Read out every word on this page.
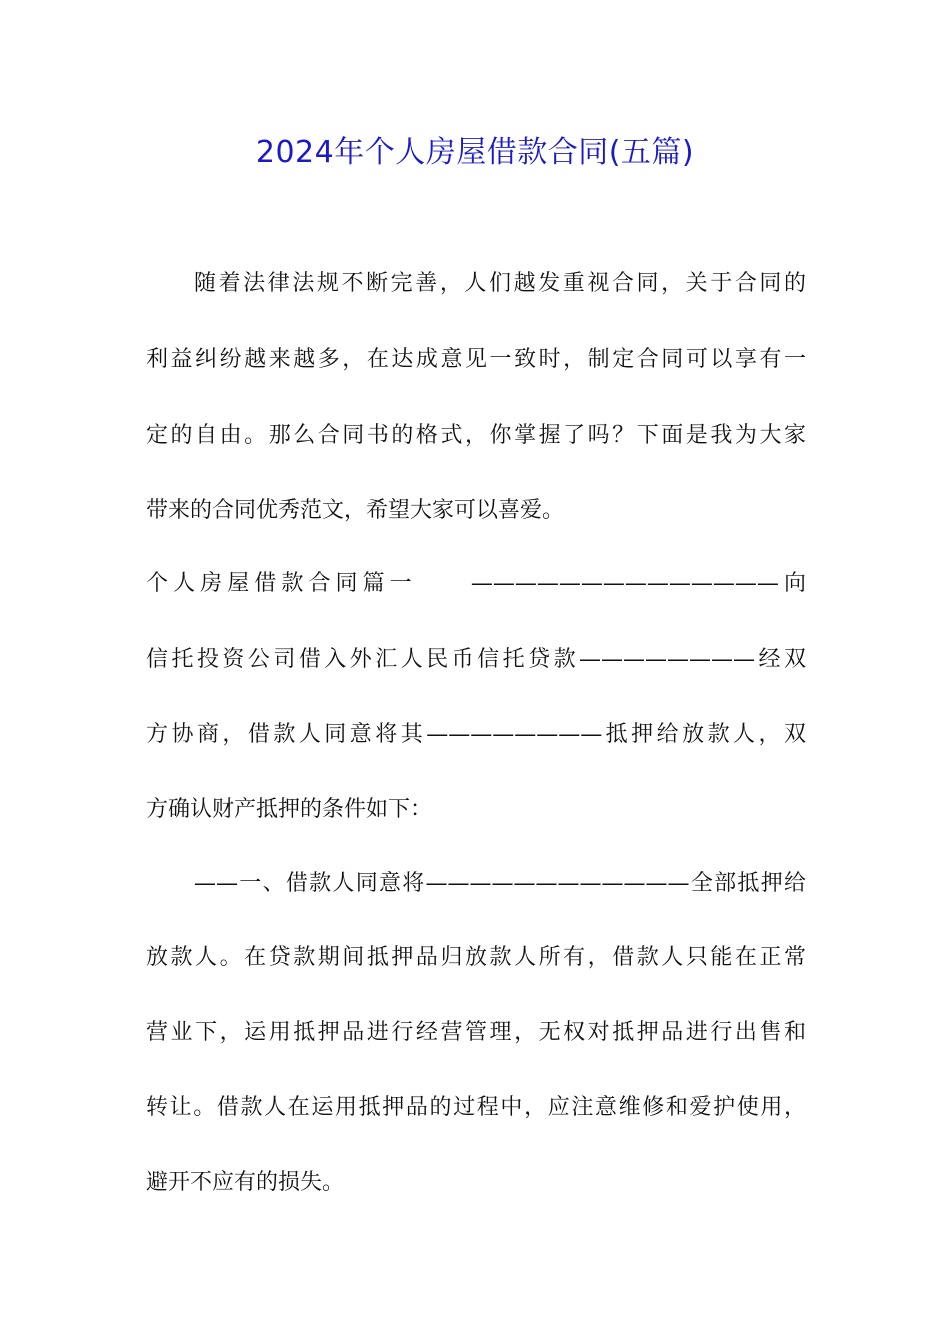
2024年个人房屋借款合同(五篇)
随着法律法规不断完善，人们越发重视合同，关于合同的
利益纠纷越来越多，在达成意见一致时，制定合同可以享有一
定的自由。那么合同书的格式，你掌握了吗？下面是我为大家
带来的合同优秀范文，希望大家可以喜爱。
个人房屋借款合同篇一　　——————————————向
信托投资公司借入外汇人民币信托贷款————————经双
方协商，借款人同意将其————————抵押给放款人，双
方确认财产抵押的条件如下：
——一、借款人同意将————————————全部抵押给
放款人。在贷款期间抵押品归放款人所有，借款人只能在正常
营业下，运用抵押品进行经营管理，无权对抵押品进行出售和
转让。借款人在运用抵押品的过程中，应注意维修和爱护使用，
避开不应有的损失。
